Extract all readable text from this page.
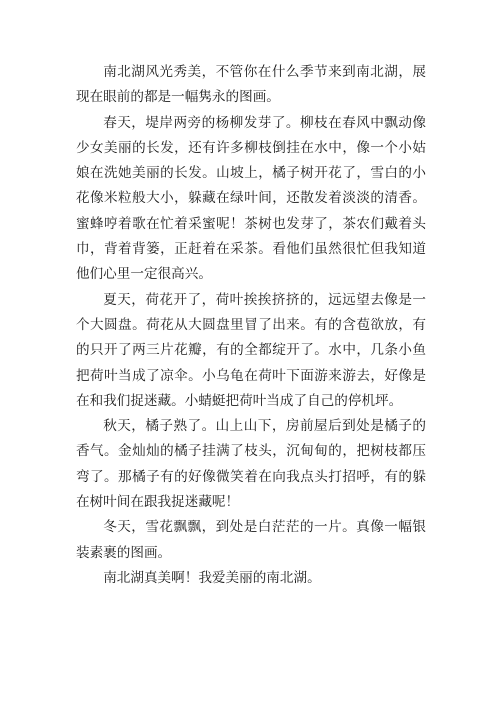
南北湖风光秀美，不管你在什么季节来到南北湖，展现在眼前的都是一幅隽永的图画。

春天，堤岸两旁的杨柳发芽了。柳枝在春风中飘动像少女美丽的长发，还有许多柳枝倒挂在水中，像一个小姑娘在洗她美丽的长发。山坡上，橘子树开花了，雪白的小花像米粒般大小，躲藏在绿叶间，还散发着淡淡的清香。蜜蜂哼着歌在忙着采蜜呢！茶树也发芽了，茶农们戴着头巾，背着背篓，正赶着在采茶。看他们虽然很忙但我知道他们心里一定很高兴。

夏天，荷花开了，荷叶挨挨挤挤的，远远望去像是一个大圆盘。荷花从大圆盘里冒了出来。有的含苞欲放，有的只开了两三片花瓣，有的全都绽开了。水中，几条小鱼把荷叶当成了凉伞。小乌龟在荷叶下面游来游去，好像是在和我们捉迷藏。小蜻蜓把荷叶当成了自己的停机坪。

秋天，橘子熟了。山上山下，房前屋后到处是橘子的香气。金灿灿的橘子挂满了枝头，沉甸甸的，把树枝都压弯了。那橘子有的好像微笑着在向我点头打招呼，有的躲在树叶间在跟我捉迷藏呢！

冬天，雪花飘飘，到处是白茫茫的一片。真像一幅银装素裹的图画。

南北湖真美啊！我爱美丽的南北湖。
